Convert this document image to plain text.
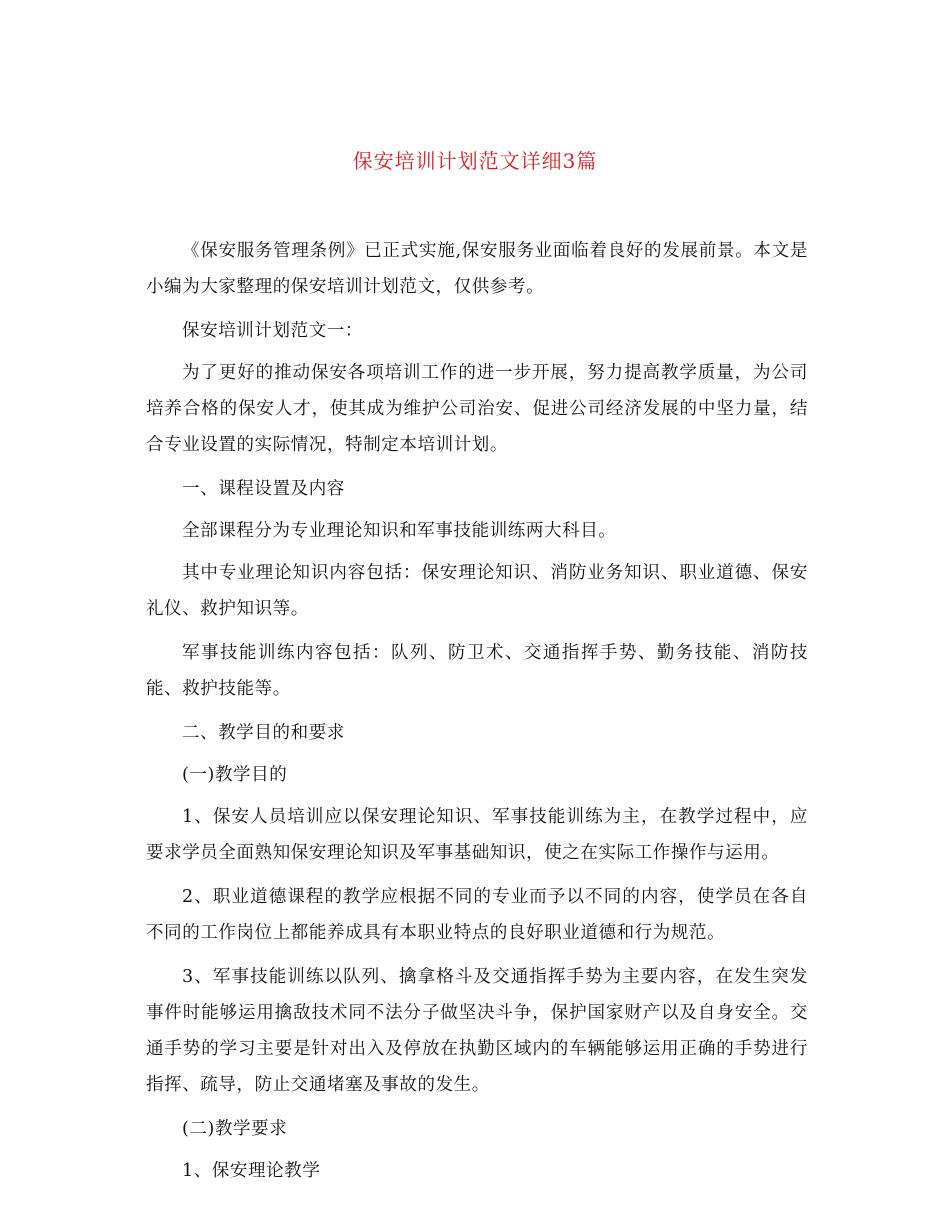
保安培训计划范文详细3篇

《保安服务管理条例》已正式实施,保安服务业面临着良好的发展前景。本文是小编为大家整理的保安培训计划范文，仅供参考。

保安培训计划范文一：

为了更好的推动保安各项培训工作的进一步开展，努力提高教学质量，为公司培养合格的保安人才，使其成为维护公司治安、促进公司经济发展的中坚力量，结合专业设置的实际情况，特制定本培训计划。

一、课程设置及内容

全部课程分为专业理论知识和军事技能训练两大科目。

其中专业理论知识内容包括：保安理论知识、消防业务知识、职业道德、保安礼仪、救护知识等。

军事技能训练内容包括：队列、防卫术、交通指挥手势、勤务技能、消防技能、救护技能等。

二、教学目的和要求

(一)教学目的

1、保安人员培训应以保安理论知识、军事技能训练为主，在教学过程中，应要求学员全面熟知保安理论知识及军事基础知识，使之在实际工作操作与运用。

2、职业道德课程的教学应根据不同的专业而予以不同的内容，使学员在各自不同的工作岗位上都能养成具有本职业特点的良好职业道德和行为规范。

3、军事技能训练以队列、擒拿格斗及交通指挥手势为主要内容，在发生突发事件时能够运用擒敌技术同不法分子做坚决斗争，保护国家财产以及自身安全。交通手势的学习主要是针对出入及停放在执勤区域内的车辆能够运用正确的手势进行指挥、疏导，防止交通堵塞及事故的发生。

(二)教学要求

1、保安理论教学
